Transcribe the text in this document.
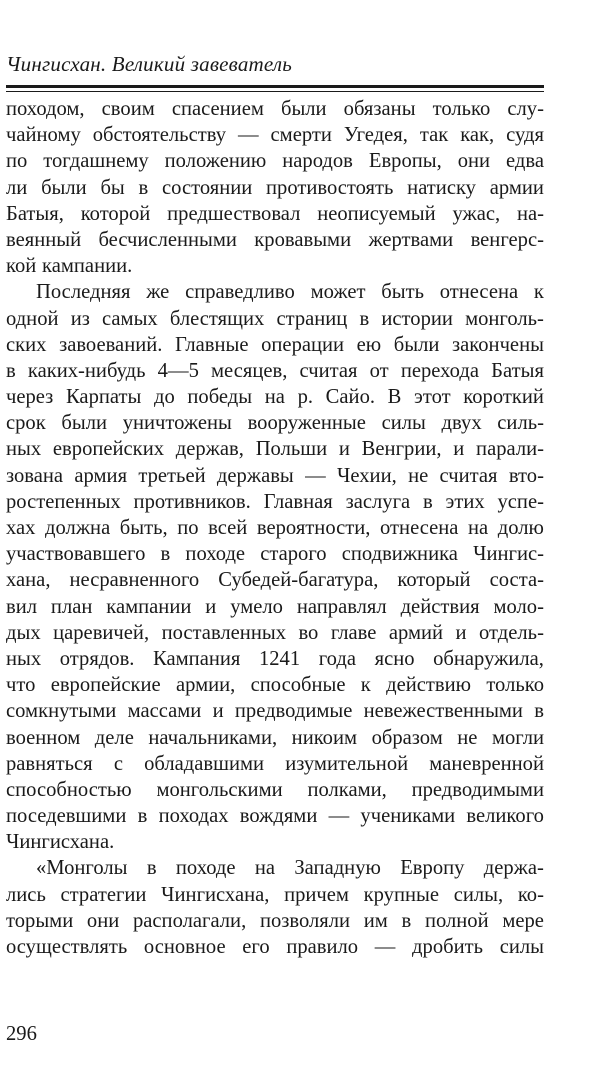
Чингисхан. Великий завеватель
походом, своим спасением были обязаны только слу-
чайному обстоятельству — смерти Угедея, так как, судя
по тогдашнему положению народов Европы, они едва
ли были бы в состоянии противостоять натиску армии
Батыя, которой предшествовал неописуемый ужас, на-
веянный бесчисленными кровавыми жертвами венгерс-
кой кампании.
Последняя же справедливо может быть отнесена к
одной из самых блестящих страниц в истории монголь-
ских завоеваний. Главные операции ею были закончены
в каких-нибудь 4—5 месяцев, считая от перехода Батыя
через Карпаты до победы на р. Сайо. В этот короткий
срок были уничтожены вооруженные силы двух силь-
ных европейских держав, Польши и Венгрии, и парали-
зована армия третьей державы — Чехии, не считая вто-
ростепенных противников. Главная заслуга в этих успе-
хах должна быть, по всей вероятности, отнесена на долю
участвовавшего в походе старого сподвижника Чингис-
хана, несравненного Субедей-багатура, который соста-
вил план кампании и умело направлял действия моло-
дых царевичей, поставленных во главе армий и отдель-
ных отрядов. Кампания 1241 года ясно обнаружила,
что европейские армии, способные к действию только
сомкнутыми массами и предводимые невежественными в
военном деле начальниками, никоим образом не могли
равняться с обладавшими изумительной маневренной
способностью монгольскими полками, предводимыми
поседевшими в походах вождями — учениками великого
Чингисхана.
«Монголы в походе на Западную Европу держа-
лись стратегии Чингисхана, причем крупные силы, ко-
торыми они располагали, позволяли им в полной мере
осуществлять основное его правило — дробить силы
296
